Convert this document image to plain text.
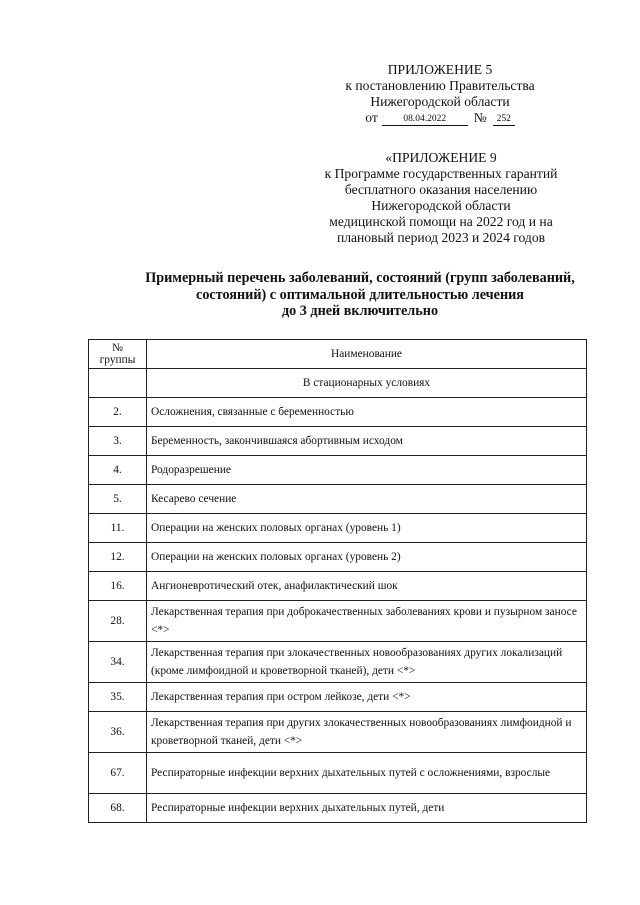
ПРИЛОЖЕНИЕ 5
к постановлению Правительства
Нижегородской области
от	08.04.2022 № 252
«ПРИЛОЖЕНИЕ 9
к Программе государственных гарантий
бесплатного оказания населению
Нижегородской области
медицинской помощи на 2022 год и на
плановый период 2023 и 2024 годов
Примерный перечень заболеваний, состояний (групп заболеваний,
состояний) с оптимальной длительностью лечения
до 3 дней включительно
№ группы	Наименование
	В стационарных условиях
2.	Осложнения, связанные с беременностью
3.	Беременность, закончившаяся абортивным исходом
4.	Родоразрешение
5.	Кесарево сечение
11.	Операции на женских половых органах (уровень 1)
12.	Операции на женских половых органах (уровень 2)
16.	Ангионевротический отек, анафилактический шок
28.	Лекарственная терапия при доброкачественных заболеваниях крови и пузырном заносе <*>
34.	Лекарственная терапия при злокачественных новообразованиях других локализаций (кроме лимфоидной и кроветворной тканей), дети <*>
35.	Лекарственная терапия при остром лейкозе, дети <*>
36.	Лекарственная терапия при других злокачественных новообразованиях лимфоидной и кроветворной тканей, дети <*>
67.	Респираторные инфекции верхних дыхательных путей с осложнениями, взрослые
68.	Респираторные инфекции верхних дыхательных путей, дети
